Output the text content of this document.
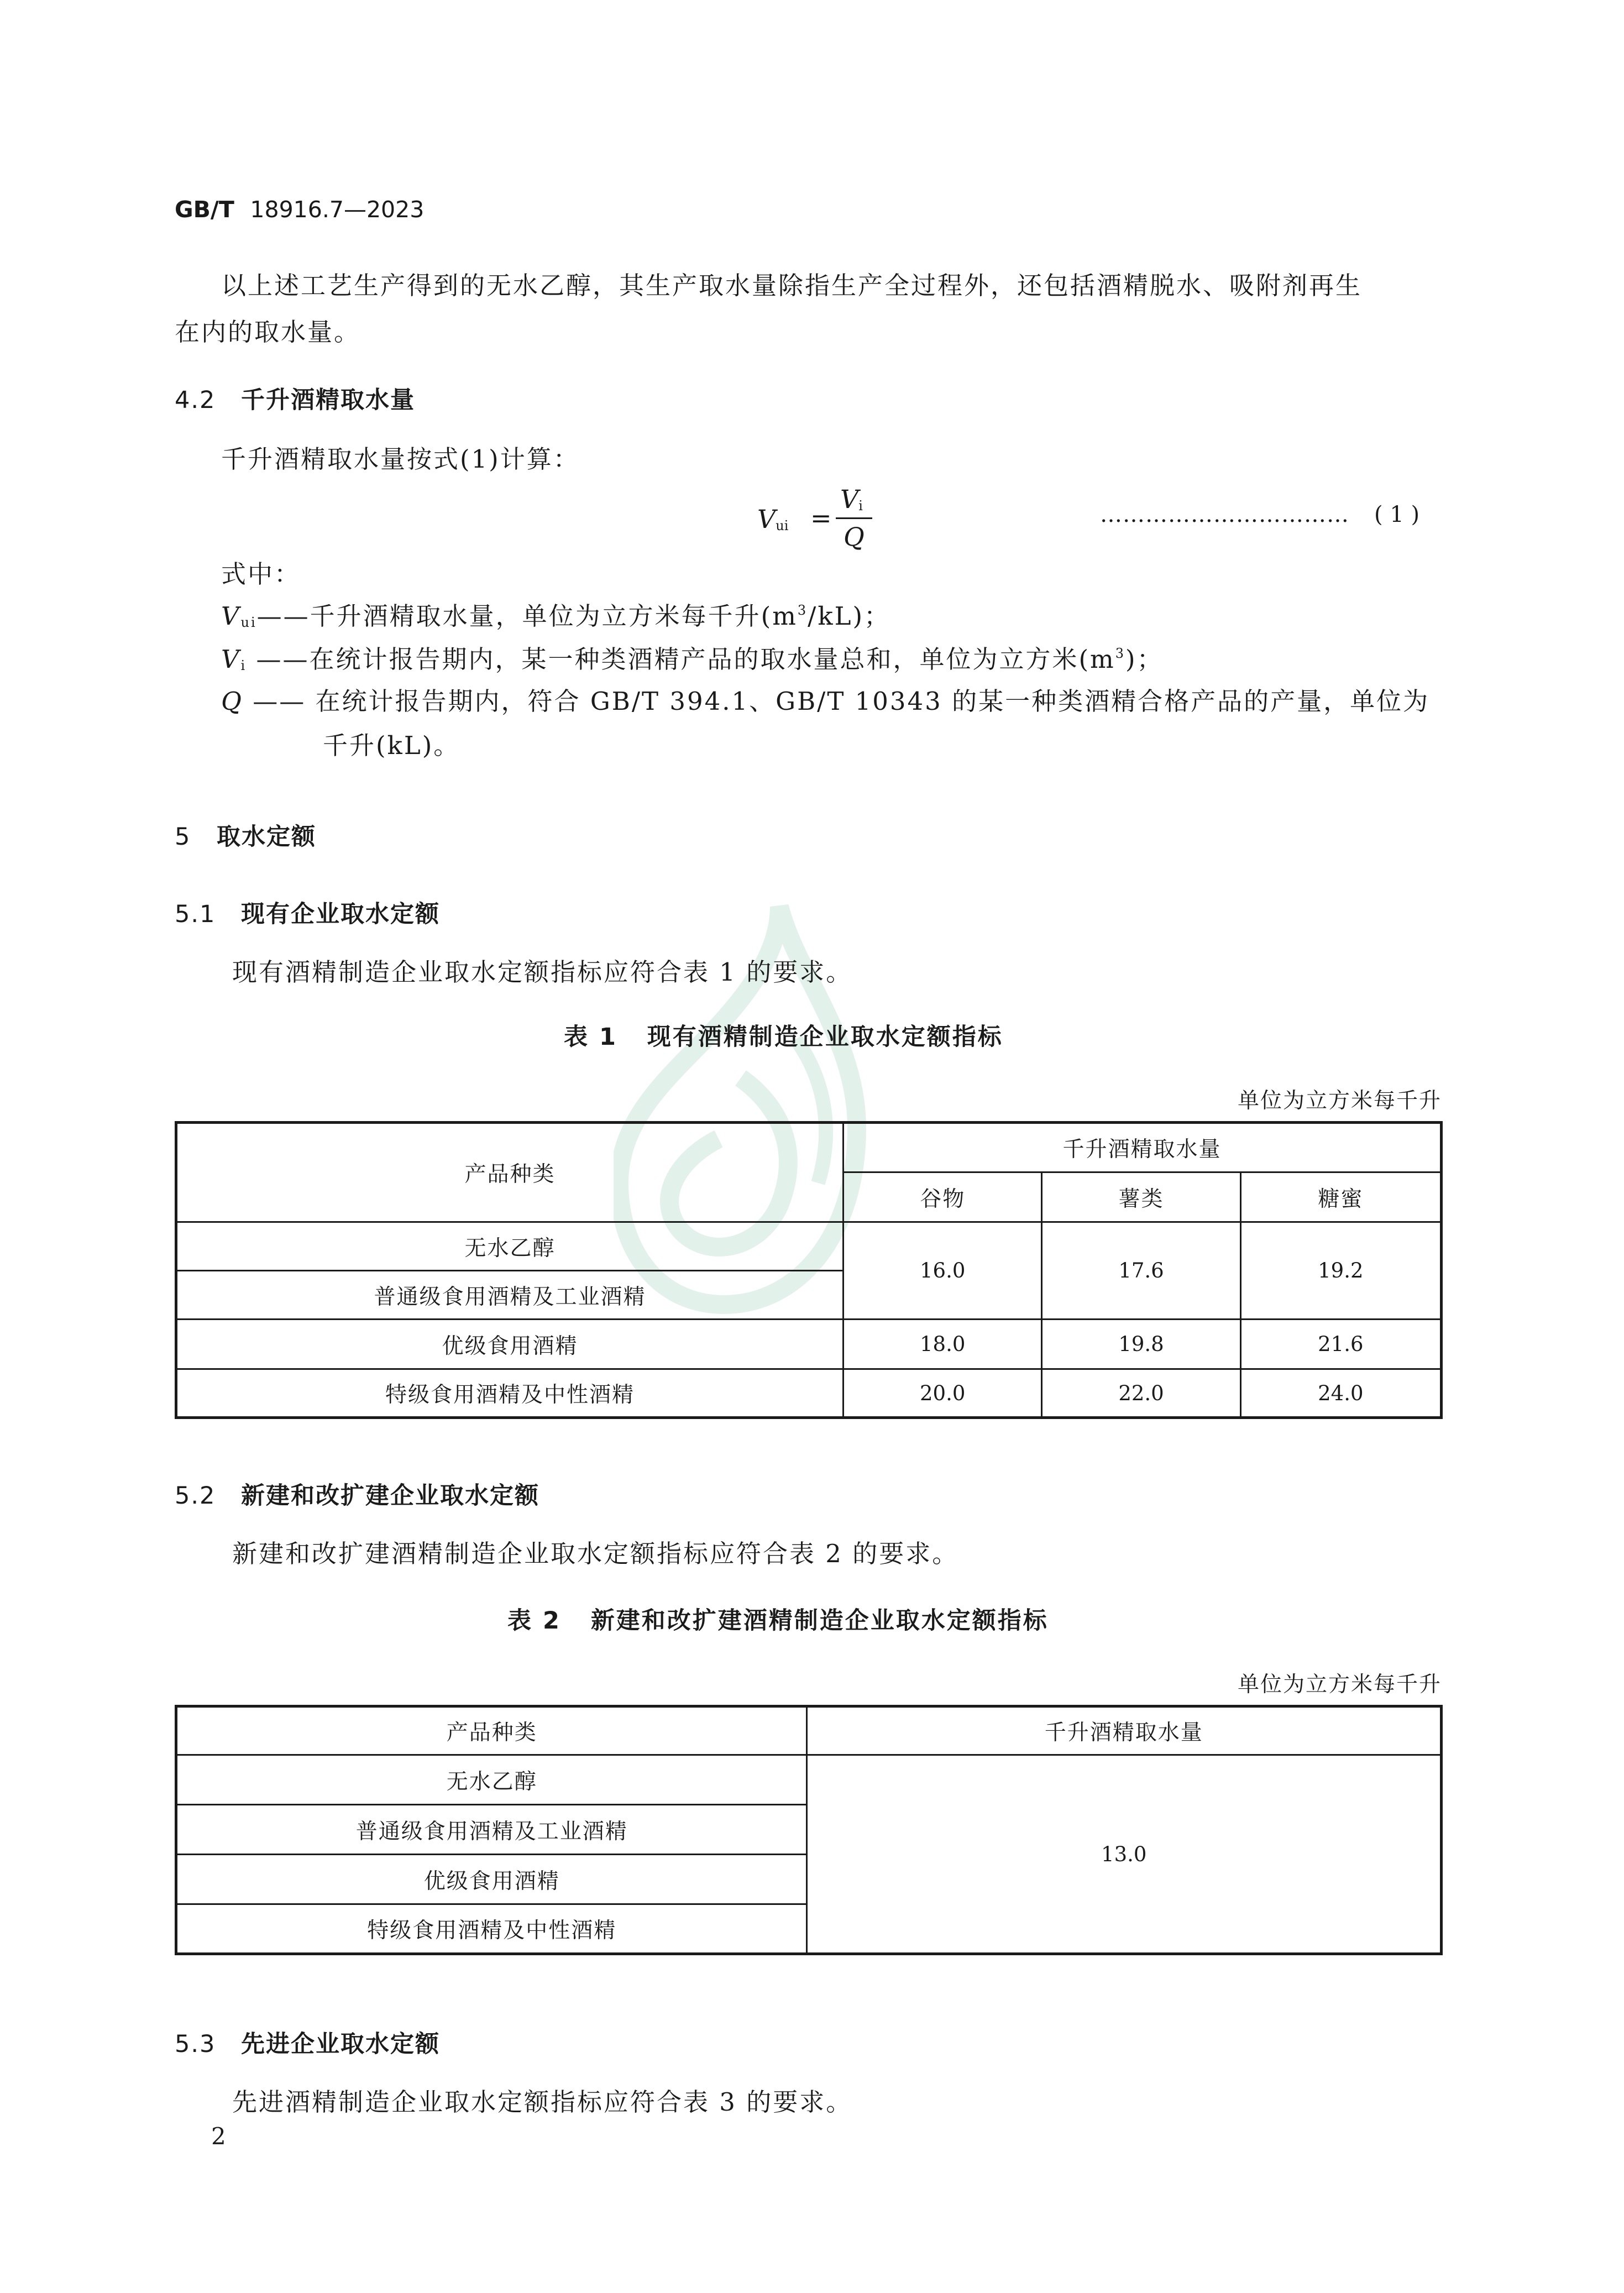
GB/T 18916.7—2023
以上述工艺生产得到的无水乙醇，其生产取水量除指生产全过程外，还包括酒精脱水、吸附剂再生
在内的取水量。
4.2 千升酒精取水量
千升酒精取水量按式(1)计算：
$V_{ui}$ =
$V_i$
Q
…………………………… ( 1 )
式中：
$V_{ui}——$千升酒精取水量，单位为立方米每千升$(m^3/kL)$；
$V_i$ ——在统计报告期内，某一种类酒精产品的取水量总和，单位为立方米$(m^3)$；
Q —— 在统计报告期内，符合 GB/T 394.1、GB/T 10343 的某一种类酒精合格产品的产量，单位为
千升(kL)。
5 取水定额
5.1 现有企业取水定额
现有酒精制造企业取水定额指标应符合表 1 的要求。
表 1 现有酒精制造企业取水定额指标
单位为立方米每千升
产品种类	千升酒精取水量		
	谷物	薯类	糖蜜
无水乙醇	16.0	17.6	19.2
普通级食用酒精及工业酒精			
优级食用酒精	18.0	19.8	21.6
特级食用酒精及中性酒精	20.0	22.0	24.0
5.2 新建和改扩建企业取水定额
新建和改扩建酒精制造企业取水定额指标应符合表 2 的要求。
表 2 新建和改扩建酒精制造企业取水定额指标
单位为立方米每千升
产品种类	千升酒精取水量
无水乙醇	13.0
普通级食用酒精及工业酒精	
优级食用酒精	
特级食用酒精及中性酒精	
5.3 先进企业取水定额
先进酒精制造企业取水定额指标应符合表 3 的要求。
2
